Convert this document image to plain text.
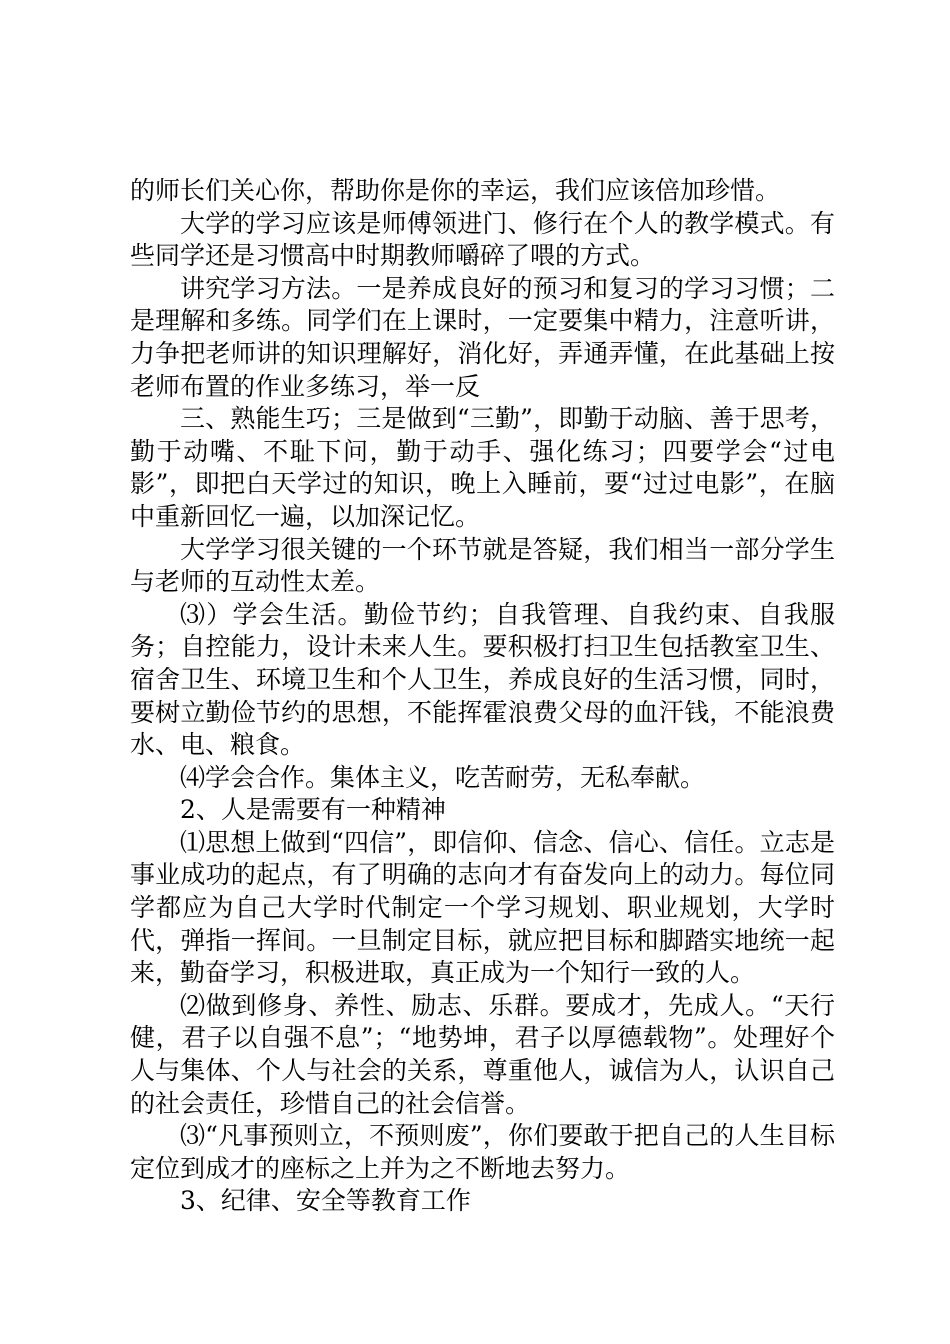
的师长们关心你，帮助你是你的幸运，我们应该倍加珍惜。

大学的学习应该是师傅领进门、修行在个人的教学模式。有些同学还是习惯高中时期教师嚼碎了喂的方式。

讲究学习方法。一是养成良好的预习和复习的学习习惯；二是理解和多练。同学们在上课时，一定要集中精力，注意听讲，力争把老师讲的知识理解好，消化好，弄通弄懂，在此基础上按老师布置的作业多练习，举一反

三、熟能生巧；三是做到“三勤”，即勤于动脑、善于思考，勤于动嘴、不耻下问，勤于动手、强化练习；四要学会“过电影”，即把白天学过的知识，晚上入睡前，要“过过电影”，在脑中重新回忆一遍，以加深记忆。

大学学习很关键的一个环节就是答疑，我们相当一部分学生与老师的互动性太差。

⑶）学会生活。勤俭节约；自我管理、自我约束、自我服务；自控能力，设计未来人生。要积极打扫卫生包括教室卫生、宿舍卫生、环境卫生和个人卫生，养成良好的生活习惯，同时，要树立勤俭节约的思想，不能挥霍浪费父母的血汗钱，不能浪费水、电、粮食。

⑷学会合作。集体主义，吃苦耐劳，无私奉献。

2、人是需要有一种精神

⑴思想上做到“四信”，即信仰、信念、信心、信任。立志是事业成功的起点，有了明确的志向才有奋发向上的动力。每位同学都应为自己大学时代制定一个学习规划、职业规划，大学时代，弹指一挥间。一旦制定目标，就应把目标和脚踏实地统一起来，勤奋学习，积极进取，真正成为一个知行一致的人。

⑵做到修身、养性、励志、乐群。要成才，先成人。“天行健，君子以自强不息”；“地势坤，君子以厚德载物”。处理好个人与集体、个人与社会的关系，尊重他人，诚信为人，认识自己的社会责任，珍惜自己的社会信誉。

⑶“凡事预则立，不预则废”，你们要敢于把自己的人生目标定位到成才的座标之上并为之不断地去努力。

3、纪律、安全等教育工作
